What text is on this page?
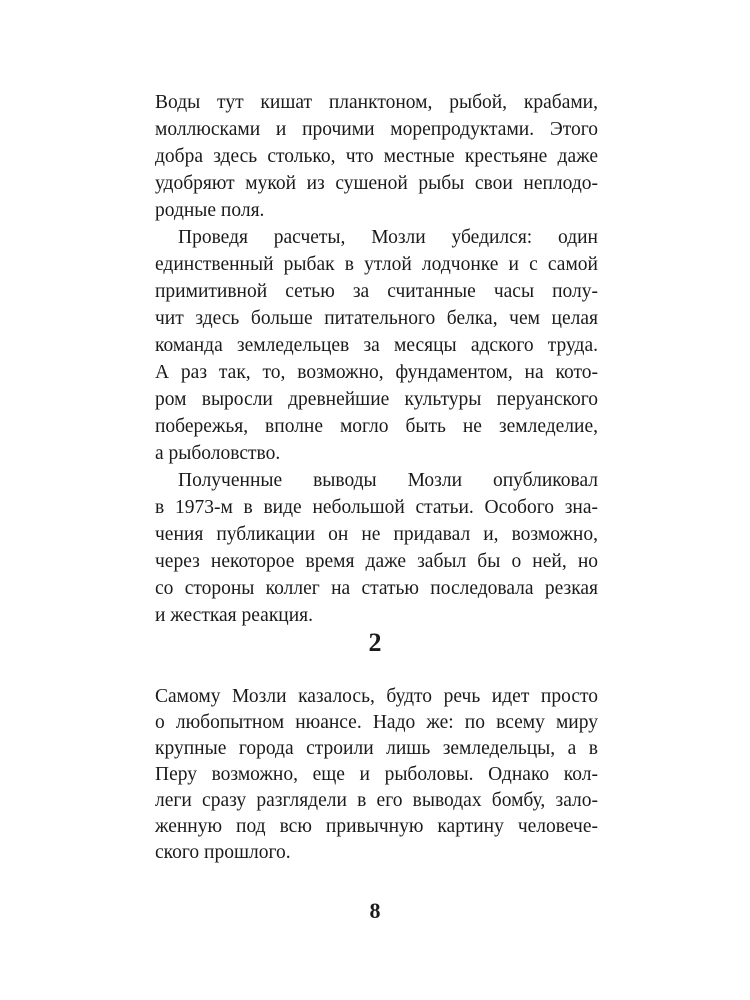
Воды тут кишат планктоном, рыбой, крабами,
моллюсками и прочими морепродуктами. Этого
добра здесь столько, что местные крестьяне даже
удобряют мукой из сушеной рыбы свои неплодо-
родные поля.
Проведя расчеты, Мозли убедился: один
единственный рыбак в утлой лодчонке и с самой
примитивной сетью за считанные часы полу-
чит здесь больше питательного белка, чем целая
команда земледельцев за месяцы адского труда.
А раз так, то, возможно, фундаментом, на кото-
ром выросли древнейшие культуры перуанского
побережья, вполне могло быть не земледелие,
а рыболовство.
Полученные выводы Мозли опубликовал
в 1973-м в виде небольшой статьи. Особого зна-
чения публикации он не придавал и, возможно,
через некоторое время даже забыл бы о ней, но
со стороны коллег на статью последовала резкая
и жесткая реакция.
2
Самому Мозли казалось, будто речь идет просто
о любопытном нюансе. Надо же: по всему миру
крупные города строили лишь земледельцы, а в
Перу возможно, еще и рыболовы. Однако кол-
леги сразу разглядели в его выводах бомбу, зало-
женную под всю привычную картину человече-
ского прошлого.
8
